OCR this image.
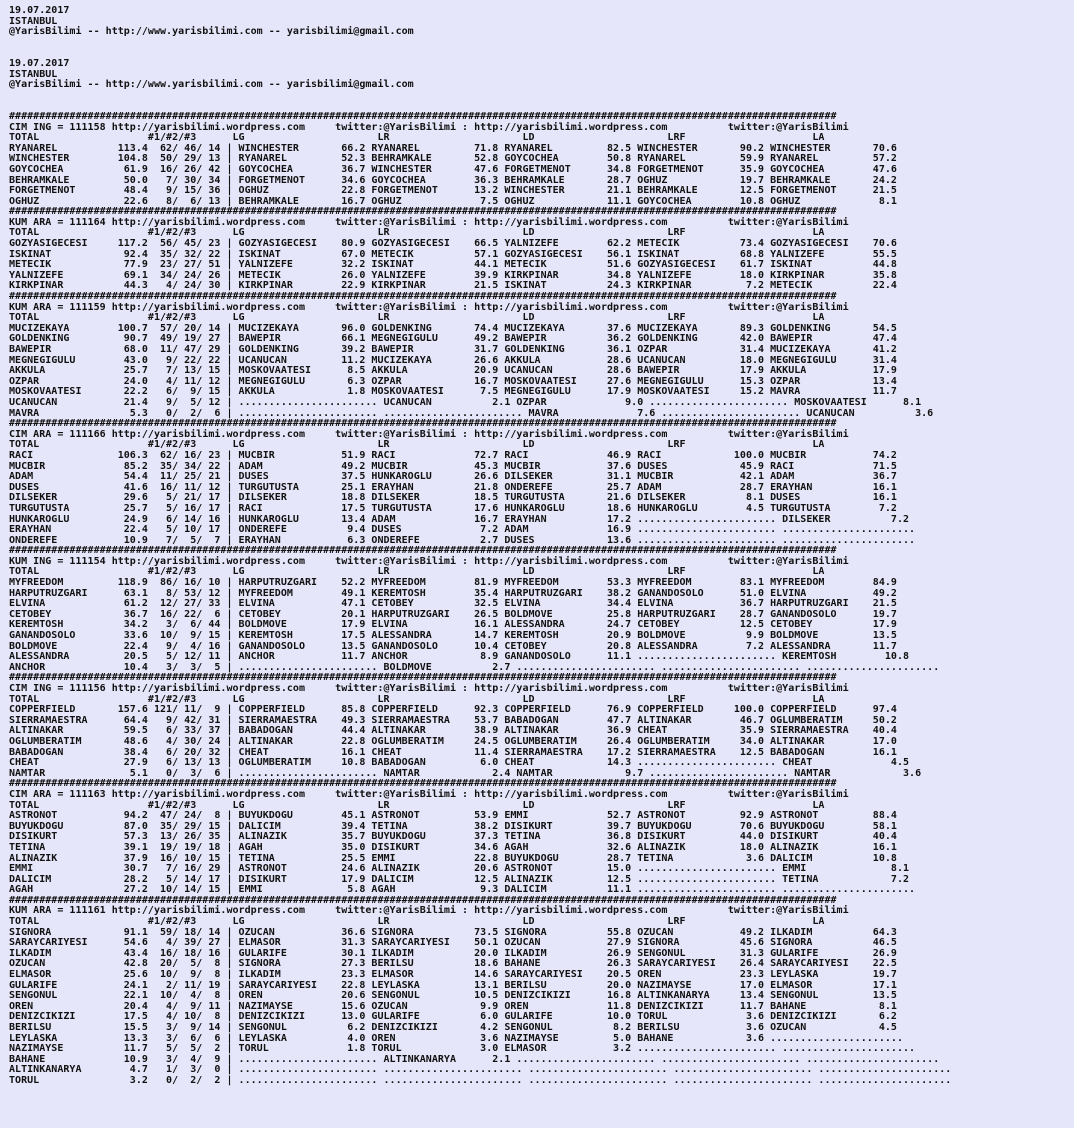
19.07.2017
ISTANBUL
@YarisBilimi -- http://www.yarisbilimi.com -- yarisbilimi@gmail.com

19.07.2017
ISTANBUL
@YarisBilimi -- http://www.yarisbilimi.com -- yarisbilimi@gmail.com

#########################################################################################################################################
CIM ING = 111158 http://yarisbilimi.wordpress.com     twitter:@YarisBilimi : http://yarisbilimi.wordpress.com          twitter:@YarisBilimi
TOTAL                  #1/#2/#3      LG                      LR                      LD                      LRF                     LA
RYANAREL          113.4  62/ 46/ 14 | WINCHESTER       66.2 RYANAREL         71.8 RYANAREL         82.5 WINCHESTER       90.2 WINCHESTER       70.6
WINCHESTER        104.8  50/ 29/ 13 | RYANAREL         52.3 BEHRAMKALE       52.8 GOYCOCHEA        50.8 RYANAREL         59.9 RYANAREL         57.2
GOYCOCHEA          61.9  16/ 26/ 42 | GOYCOCHEA        36.7 WINCHESTER       47.6 FORGETMENOT      34.8 FORGETMENOT      35.9 GOYCOCHEA        47.6
BEHRAMKALE         50.0   7/ 30/ 34 | FORGETMENOT      34.6 GOYCOCHEA        36.3 BEHRAMKALE       28.7 OGHUZ            19.7 BEHRAMKALE       24.2
FORGETMENOT        48.4   9/ 15/ 36 | OGHUZ            22.8 FORGETMENOT      13.2 WINCHESTER       21.1 BEHRAMKALE       12.5 FORGETMENOT      21.5
OGHUZ              22.6   8/  6/ 13 | BEHRAMKALE       16.7 OGHUZ             7.5 OGHUZ            11.1 GOYCOCHEA        10.8 OGHUZ             8.1
#########################################################################################################################################
KUM ARA = 111164 http://yarisbilimi.wordpress.com     twitter:@YarisBilimi : http://yarisbilimi.wordpress.com          twitter:@YarisBilimi
TOTAL                  #1/#2/#3      LG                      LR                      LD                      LRF                     LA
GOZYASIGECESI     117.2  56/ 45/ 23 | GOZYASIGECESI    80.9 GOZYASIGECESI    66.5 YALNIZEFE        62.2 METECIK          73.4 GOZYASIGECESI    70.6
ISKINAT            92.4  35/ 32/ 22 | ISKINAT          67.0 METECIK          57.1 GOZYASIGECESI    56.1 ISKINAT          68.8 YALNIZEFE        55.5
METECIK            77.9  23/ 27/ 51 | YALNIZEFE        32.2 ISKINAT          44.1 METECIK          51.6 GOZYASIGECESI    61.7 ISKINAT          44.8
YALNIZEFE          69.1  34/ 24/ 26 | METECIK          26.0 YALNIZEFE        39.9 KIRKPINAR        34.8 YALNIZEFE        18.0 KIRKPINAR        35.8
KIRKPINAR          44.3   4/ 24/ 30 | KIRKPINAR        22.9 KIRKPINAR        21.5 ISKINAT          24.3 KIRKPINAR         7.2 METECIK          22.4
#########################################################################################################################################
KUM ARA = 111159 http://yarisbilimi.wordpress.com     twitter:@YarisBilimi : http://yarisbilimi.wordpress.com          twitter:@YarisBilimi
TOTAL                  #1/#2/#3      LG                      LR                      LD                      LRF                     LA
MUCIZEKAYA        100.7  57/ 20/ 14 | MUCIZEKAYA       96.0 GOLDENKING       74.4 MUCIZEKAYA       37.6 MUCIZEKAYA       89.3 GOLDENKING       54.5
GOLDENKING         90.7  49/ 19/ 27 | BAWEPIR          66.1 MEGNEGIGULU      49.2 BAWEPIR          36.2 GOLDENKING       42.0 BAWEPIR          47.4
BAWEPIR            68.0  11/ 47/ 29 | GOLDENKING       39.2 BAWEPIR          31.7 GOLDENKING       36.1 OZPAR            31.4 MUCIZEKAYA       41.2
MEGNEGIGULU        43.0   9/ 22/ 22 | UCANUCAN         11.2 MUCIZEKAYA       26.6 AKKULA           28.6 UCANUCAN         18.0 MEGNEGIGULU      31.4
AKKULA             25.7   7/ 13/ 15 | MOSKOVAATESI      8.5 AKKULA           20.9 UCANUCAN         28.6 BAWEPIR          17.9 AKKULA           17.9
OZPAR              24.0   4/ 11/ 12 | MEGNEGIGULU       6.3 OZPAR            16.7 MOSKOVAATESI     27.6 MEGNEGIGULU      15.3 OZPAR            13.4
MOSKOVAATESI       22.2   6/  9/ 15 | AKKULA            1.8 MOSKOVAATESI      7.5 MEGNEGIGULU      17.9 MOSKOVAATESI     15.2 MAVRA            11.7
UCANUCAN           21.4   9/  5/ 12 | ....................... UCANUCAN          2.1 OZPAR             9.0 ....................... MOSKOVAATESI      8.1
MAVRA               5.3   0/  2/  6 | ....................... ....................... MAVRA             7.6 ....................... UCANUCAN          3.6
#########################################################################################################################################
CIM ARA = 111166 http://yarisbilimi.wordpress.com     twitter:@YarisBilimi : http://yarisbilimi.wordpress.com          twitter:@YarisBilimi
TOTAL                  #1/#2/#3      LG                      LR                      LD                      LRF                     LA
RACI              106.3  62/ 16/ 23 | MUCBIR           51.9 RACI             72.7 RACI             46.9 RACI            100.0 MUCBIR           74.2
MUCBIR             85.2  35/ 34/ 22 | ADAM             49.2 MUCBIR           45.3 MUCBIR           37.6 DUSES            45.9 RACI             71.5
ADAM               54.4  11/ 25/ 21 | DUSES            37.5 HUNKAROGLU       26.6 DILSEKER         31.1 MUCBIR           42.1 ADAM             36.7
DUSES              41.6  16/ 11/ 12 | TURGUTUSTA       25.1 ERAYHAN          21.8 ONDEREFE         25.7 ADAM             28.7 ERAYHAN          16.1
DILSEKER           29.6   5/ 21/ 17 | DILSEKER         18.8 DILSEKER         18.5 TURGUTUSTA       21.6 DILSEKER          8.1 DUSES            16.1
TURGUTUSTA         25.7   5/ 16/ 17 | RACI             17.5 TURGUTUSTA       17.6 HUNKAROGLU       18.6 HUNKAROGLU        4.5 TURGUTUSTA        7.2
HUNKAROGLU         24.9   6/ 14/ 16 | HUNKAROGLU       13.4 ADAM             16.7 ERAYHAN          17.2 ....................... DILSEKER          7.2
ERAYHAN            22.4   5/ 10/ 17 | ONDEREFE          9.4 DUSES             7.2 ADAM             16.9 ....................... ......................
ONDEREFE           10.9   7/  5/  7 | ERAYHAN           6.3 ONDEREFE          2.7 DUSES            13.6 ....................... ......................
#########################################################################################################################################
KUM ING = 111154 http://yarisbilimi.wordpress.com     twitter:@YarisBilimi : http://yarisbilimi.wordpress.com          twitter:@YarisBilimi
TOTAL                  #1/#2/#3      LG                      LR                      LD                      LRF                     LA
MYFREEDOM         118.9  86/ 16/ 10 | HARPUTRUZGARI    52.2 MYFREEDOM        81.9 MYFREEDOM        53.3 MYFREEDOM        83.1 MYFREEDOM        84.9
HARPUTRUZGARI      63.1   8/ 53/ 12 | MYFREEDOM        49.1 KEREMTOSH        35.4 HARPUTRUZGARI    38.2 GANANDOSOLO      51.0 ELVINA           49.2
ELVINA             61.2  12/ 27/ 33 | ELVINA           47.1 CETOBEY          32.5 ELVINA           34.4 ELVINA           36.7 HARPUTRUZGARI    21.5
CETOBEY            36.7  16/ 22/  6 | CETOBEY          20.1 HARPUTRUZGARI    26.5 BOLDMOVE         25.8 HARPUTRUZGARI    28.7 GANANDOSOLO      19.7
KEREMTOSH          34.2   3/  6/ 44 | BOLDMOVE         17.9 ELVINA           16.1 ALESSANDRA       24.7 CETOBEY          12.5 CETOBEY          17.9
GANANDOSOLO        33.6  10/  9/ 15 | KEREMTOSH        17.5 ALESSANDRA       14.7 KEREMTOSH        20.9 BOLDMOVE          9.9 BOLDMOVE         13.5
BOLDMOVE           22.4   9/  4/ 16 | GANANDOSOLO      13.5 GANANDOSOLO      10.4 CETOBEY          20.8 ALESSANDRA        7.2 ALESSANDRA       11.7
ALESSANDRA         20.5   5/ 12/ 11 | ANCHOR           11.7 ANCHOR            8.9 GANANDOSOLO      11.1 ....................... KEREMTOSH        10.8
ANCHOR             10.4   3/  3/  5 | ....................... BOLDMOVE          2.7 ....................... ....................... ......................
#########################################################################################################################################
CIM ING = 111156 http://yarisbilimi.wordpress.com     twitter:@YarisBilimi : http://yarisbilimi.wordpress.com          twitter:@YarisBilimi
TOTAL                  #1/#2/#3      LG                      LR                      LD                      LRF                     LA
COPPERFIELD       157.6 121/ 11/  9 | COPPERFIELD      85.8 COPPERFIELD      92.3 COPPERFIELD      76.9 COPPERFIELD     100.0 COPPERFIELD      97.4
SIERRAMAESTRA      64.4   9/ 42/ 31 | SIERRAMAESTRA    49.3 SIERRAMAESTRA    53.7 BABADOGAN        47.7 ALTINAKAR        46.7 OGLUMBERATIM     50.2
ALTINAKAR          59.5   6/ 33/ 37 | BABADOGAN        44.4 ALTINAKAR        38.9 ALTINAKAR        36.9 CHEAT            35.9 SIERRAMAESTRA    40.4
OGLUMBERATIM       48.6   4/ 30/ 24 | ALTINAKAR        22.8 OGLUMBERATIM     24.5 OGLUMBERATIM     26.4 OGLUMBERATIM     34.0 ALTINAKAR        17.0
BABADOGAN          38.4   6/ 20/ 32 | CHEAT            16.1 CHEAT            11.4 SIERRAMAESTRA    17.2 SIERRAMAESTRA    12.5 BABADOGAN        16.1
CHEAT              27.9   6/ 13/ 13 | OGLUMBERATIM     10.8 BABADOGAN         6.0 CHEAT            14.3 ....................... CHEAT             4.5
NAMTAR              5.1   0/  3/  6 | ....................... NAMTAR            2.4 NAMTAR            9.7 ....................... NAMTAR            3.6
#########################################################################################################################################
CIM ARA = 111163 http://yarisbilimi.wordpress.com     twitter:@YarisBilimi : http://yarisbilimi.wordpress.com          twitter:@YarisBilimi
TOTAL                  #1/#2/#3      LG                      LR                      LD                      LRF                     LA
ASTRONOT           94.2  47/ 24/  8 | BUYUKDOGU        45.1 ASTRONOT         53.9 EMMI             52.7 ASTRONOT         92.9 ASTRONOT         88.4
BUYUKDOGU          87.0  35/ 29/ 15 | DALICIM          39.4 TETINA           38.2 DISIKURT         39.7 BUYUKDOGU        70.6 BUYUKDOGU        58.1
DISIKURT           57.3  13/ 26/ 35 | ALINAZIK         35.7 BUYUKDOGU        37.3 TETINA           36.8 DISIKURT         44.0 DISIKURT         40.4
TETINA             39.1  19/ 19/ 18 | AGAH             35.0 DISIKURT         34.6 AGAH             32.6 ALINAZIK         18.0 ALINAZIK         16.1
ALINAZIK           37.9  16/ 10/ 15 | TETINA           25.5 EMMI             22.8 BUYUKDOGU        28.7 TETINA            3.6 DALICIM          10.8
EMMI               30.7   7/ 16/ 29 | ASTRONOT         24.6 ALINAZIK         20.6 ASTRONOT         15.0 ....................... EMMI              8.1
DALICIM            28.2   5/ 14/ 17 | DISIKURT         17.9 DALICIM          12.5 ALINAZIK         12.5 ....................... TETINA            7.2
AGAH               27.2  10/ 14/ 15 | EMMI              5.8 AGAH              9.3 DALICIM          11.1 ....................... ......................
#########################################################################################################################################
KUM ARA = 111161 http://yarisbilimi.wordpress.com     twitter:@YarisBilimi : http://yarisbilimi.wordpress.com          twitter:@YarisBilimi
TOTAL                  #1/#2/#3      LG                      LR                      LD                      LRF                     LA
SIGNORA            91.1  59/ 18/ 14 | OZUCAN           36.6 SIGNORA          73.5 SIGNORA          55.8 OZUCAN           49.2 ILKADIM          64.3
SARAYCARIYESI      54.6   4/ 39/ 27 | ELMASOR          31.3 SARAYCARIYESI    50.1 OZUCAN           27.9 SIGNORA          45.6 SIGNORA          46.5
ILKADIM            43.4  16/ 18/ 16 | GULARIFE         30.1 ILKADIM          20.0 ILKADIM          26.9 SENGONUL         31.3 GULARIFE         26.9
OZUCAN             42.8  20/  5/  8 | SIGNORA          27.3 BERILSU          18.6 BAHANE           26.3 SARAYCARIYESI    26.4 SARAYCARIYESI    22.5
ELMASOR            25.6  10/  9/  8 | ILKADIM          23.3 ELMASOR          14.6 SARAYCARIYESI    20.5 OREN             23.3 LEYLASKA         19.7
GULARIFE           24.1   2/ 11/ 19 | SARAYCARIYESI    22.8 LEYLASKA         13.1 BERILSU          20.0 NAZIMAYSE        17.0 ELMASOR          17.1
SENGONUL           22.1  10/  4/  8 | OREN             20.6 SENGONUL         10.5 DENIZCIKIZI      16.8 ALTINKANARYA     13.4 SENGONUL         13.5
OREN               20.4   4/  9/ 11 | NAZIMAYSE        15.6 OZUCAN            9.9 OREN             11.8 DENIZCIKIZI      11.7 BAHANE            8.1
DENIZCIKIZI        17.5   4/ 10/  8 | DENIZCIKIZI      13.0 GULARIFE          6.0 GULARIFE         10.0 TORUL             3.6 DENIZCIKIZI       6.2
BERILSU            15.5   3/  9/ 14 | SENGONUL          6.2 DENIZCIKIZI       4.2 SENGONUL          8.2 BERILSU           3.6 OZUCAN            4.5
LEYLASKA           13.3   3/  6/  6 | LEYLASKA          4.0 OREN              3.6 NAZIMAYSE         5.0 BAHANE            3.6 ......................
NAZIMAYSE          11.7   5/  5/  2 | TORUL             1.8 TORUL             3.0 ELMASOR           3.2 ....................... ......................
BAHANE             10.9   3/  4/  9 | ....................... ALTINKANARYA      2.1 ....................... ....................... ......................
ALTINKANARYA        4.7   1/  3/  0 | ....................... ....................... ....................... ....................... ......................
TORUL               3.2   0/  2/  2 | ....................... ....................... ....................... ....................... ......................
